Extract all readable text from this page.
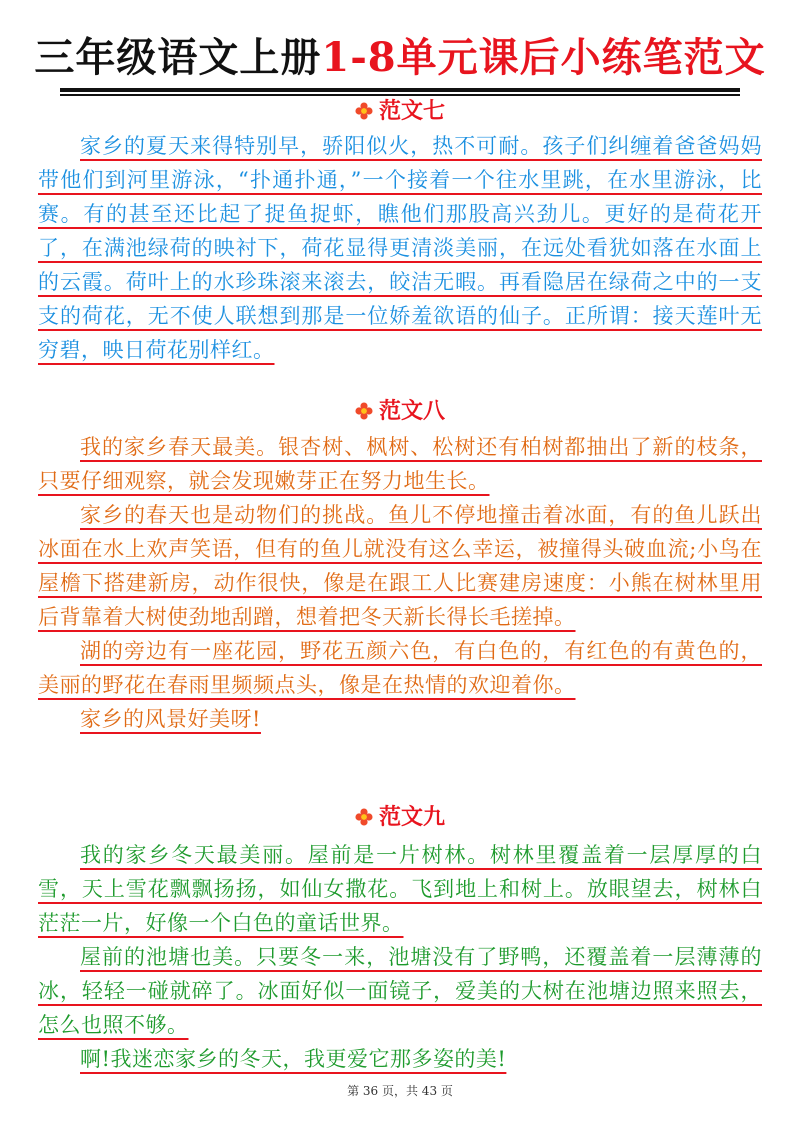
三年级语文上册1-8单元课后小练笔范文
范文七

家乡的夏天来得特别早，骄阳似火，热不可耐。孩子们纠缠着爸爸妈妈带他们到河里游泳，“扑通扑通，”一个接着一个往水里跳，在水里游泳，比赛。有的甚至还比起了捉鱼捉虾，瞧他们那股高兴劲儿。更好的是荷花开了，在满池绿荷的映衬下，荷花显得更清淡美丽，在远处看犹如落在水面上的云霞。荷叶上的水珍珠滚来滚去，皎洁无暇。再看隐居在绿荷之中的一支支的荷花，无不使人联想到那是一位娇羞欲语的仙子。正所谓：接天莲叶无穷碧，映日荷花别样红。

范文八

我的家乡春天最美。银杏树、枫树、松树还有柏树都抽出了新的枝条，只要仔细观察，就会发现嫩芽正在努力地生长。

家乡的春天也是动物们的挑战。鱼儿不停地撞击着冰面，有的鱼儿跃出冰面在水上欢声笑语，但有的鱼儿就没有这么幸运，被撞得头破血流;小鸟在屋檐下搭建新房，动作很快，像是在跟工人比赛建房速度：小熊在树林里用后背靠着大树使劲地刮蹭，想着把冬天新长得长毛搓掉。

湖的旁边有一座花园，野花五颜六色，有白色的，有红色的有黄色的，美丽的野花在春雨里频频点头，像是在热情的欢迎着你。

家乡的风景好美呀!

范文九

我的家乡冬天最美丽。屋前是一片树林。树林里覆盖着一层厚厚的白雪，天上雪花飘飘扬扬，如仙女撒花。飞到地上和树上。放眼望去，树林白茫茫一片，好像一个白色的童话世界。

屋前的池塘也美。只要冬一来，池塘没有了野鸭，还覆盖着一层薄薄的冰，轻轻一碰就碎了。冰面好似一面镜子，爱美的大树在池塘边照来照去，怎么也照不够。

啊!我迷恋家乡的冬天，我更爱它那多姿的美!

第 36 页，共 43 页
